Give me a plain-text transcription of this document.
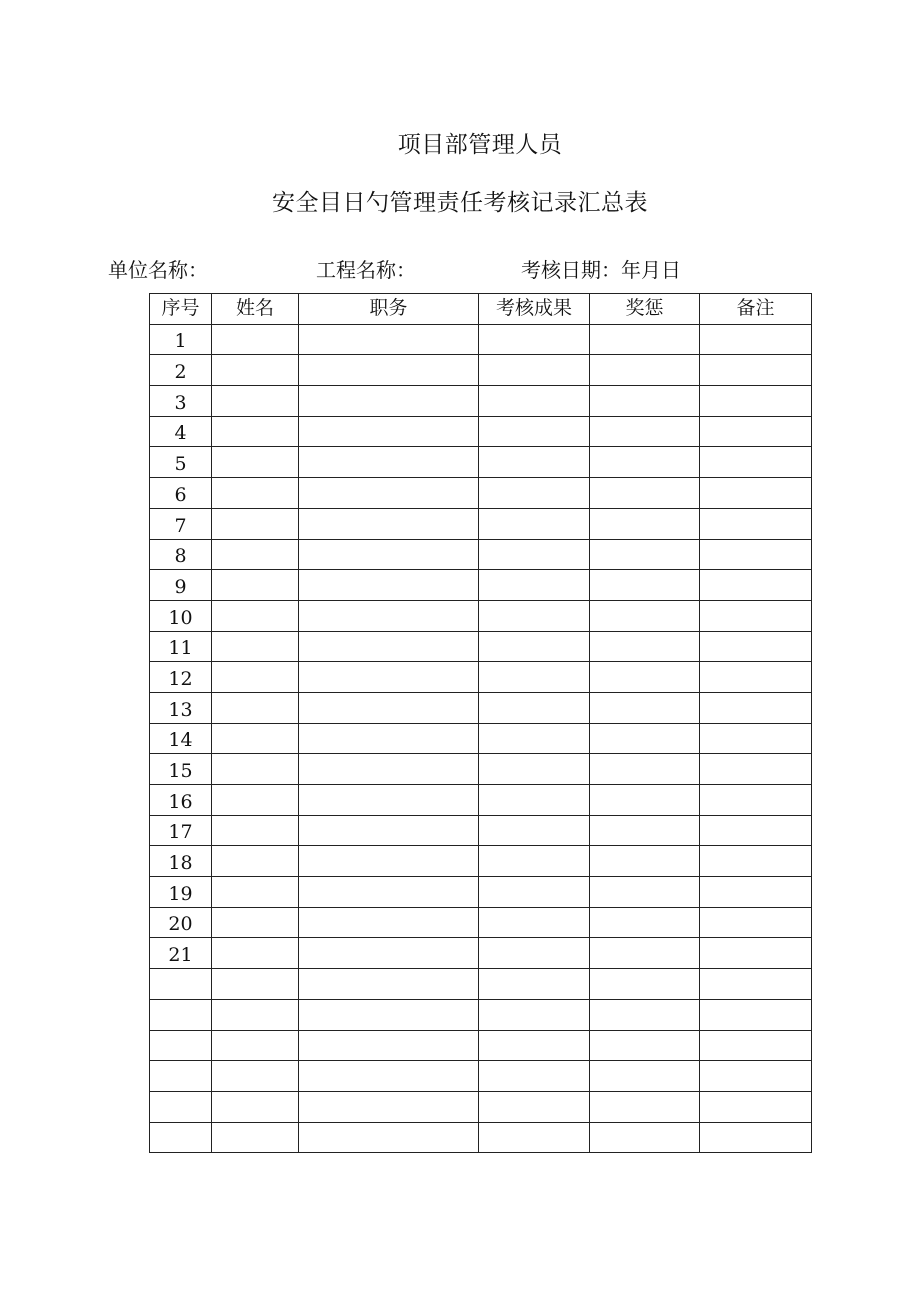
项目部管理人员
安全目日勺管理责任考核记录汇总表
单位名称：	工程名称：	考核日期：年月日
序号	姓名	职务	考核成果	奖惩	备注
1					
2					
3					
4					
5					
6					
7					
8					
9					
10					
11					
12					
13					
14					
15					
16					
17					
18					
19					
20					
21					
